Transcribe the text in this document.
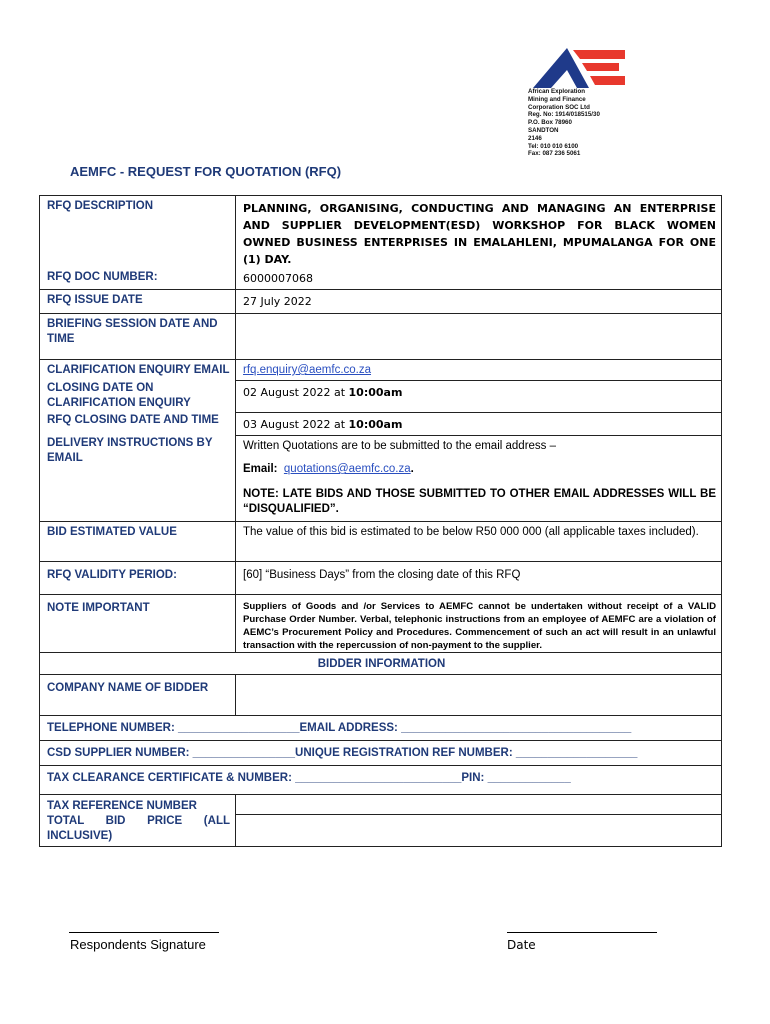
African Exploration
Mining and Finance
Corporation SOC Ltd
Reg. No: 1914/018515/30
P.O. Box 78960
SANDTON
2146
Tel: 010 010 6100
Fax: 087 236 5061
AEMFC - REQUEST FOR QUOTATION (RFQ)
RFQ DESCRIPTION	PLANNING, ORGANISING, CONDUCTING AND MANAGING AN ENTERPRISE AND SUPPLIER DEVELOPMENT(ESD) WORKSHOP FOR BLACK WOMEN OWNED BUSINESS ENTERPRISES IN EMALAHLENI, MPUMALANGA FOR ONE (1) DAY.
RFQ DOC NUMBER:	6000007068
RFQ ISSUE DATE	27 July 2022
BRIEFING SESSION DATE AND TIME	
CLARIFICATION ENQUIRY EMAIL	rfq.enquiry@aemfc.co.za
CLOSING DATE ON CLARIFICATION ENQUIRY	02 August 2022 at 10:00am
RFQ CLOSING DATE AND TIME	03 August 2022 at 10:00am
DELIVERY INSTRUCTIONS BY EMAIL	Written Quotations are to be submitted to the email address –
Email: quotations@aemfc.co.za.
NOTE: LATE BIDS AND THOSE SUBMITTED TO OTHER EMAIL ADDRESSES WILL BE “DISQUALIFIED”.

BID ESTIMATED VALUE	The value of this bid is estimated to be below R50 000 000 (all applicable taxes included).
RFQ VALIDITY PERIOD:	[60] “Business Days” from the closing date of this RFQ
NOTE IMPORTANT	Suppliers of Goods and /or Services to AEMFC cannot be undertaken without receipt of a VALID Purchase Order Number. Verbal, telephonic instructions from an employee of AEMFC are a violation of AEMC’s Procurement Policy and Procedures. Commencement of such an act will result in an unlawful transaction with the repercussion of non-payment to the supplier.
BIDDER INFORMATION	
COMPANY NAME OF BIDDER	
TELEPHONE NUMBER: ___________________EMAIL ADDRESS: ____________________________________	
CSD SUPPLIER NUMBER: ________________UNIQUE REGISTRATION REF NUMBER: ___________________	
TAX CLEARANCE CERTIFICATE & NUMBER: __________________________PIN: _____________	
TAX REFERENCE NUMBER	
TOTAL BID PRICE (ALL INCLUSIVE)	
Respondents Signature	Date
